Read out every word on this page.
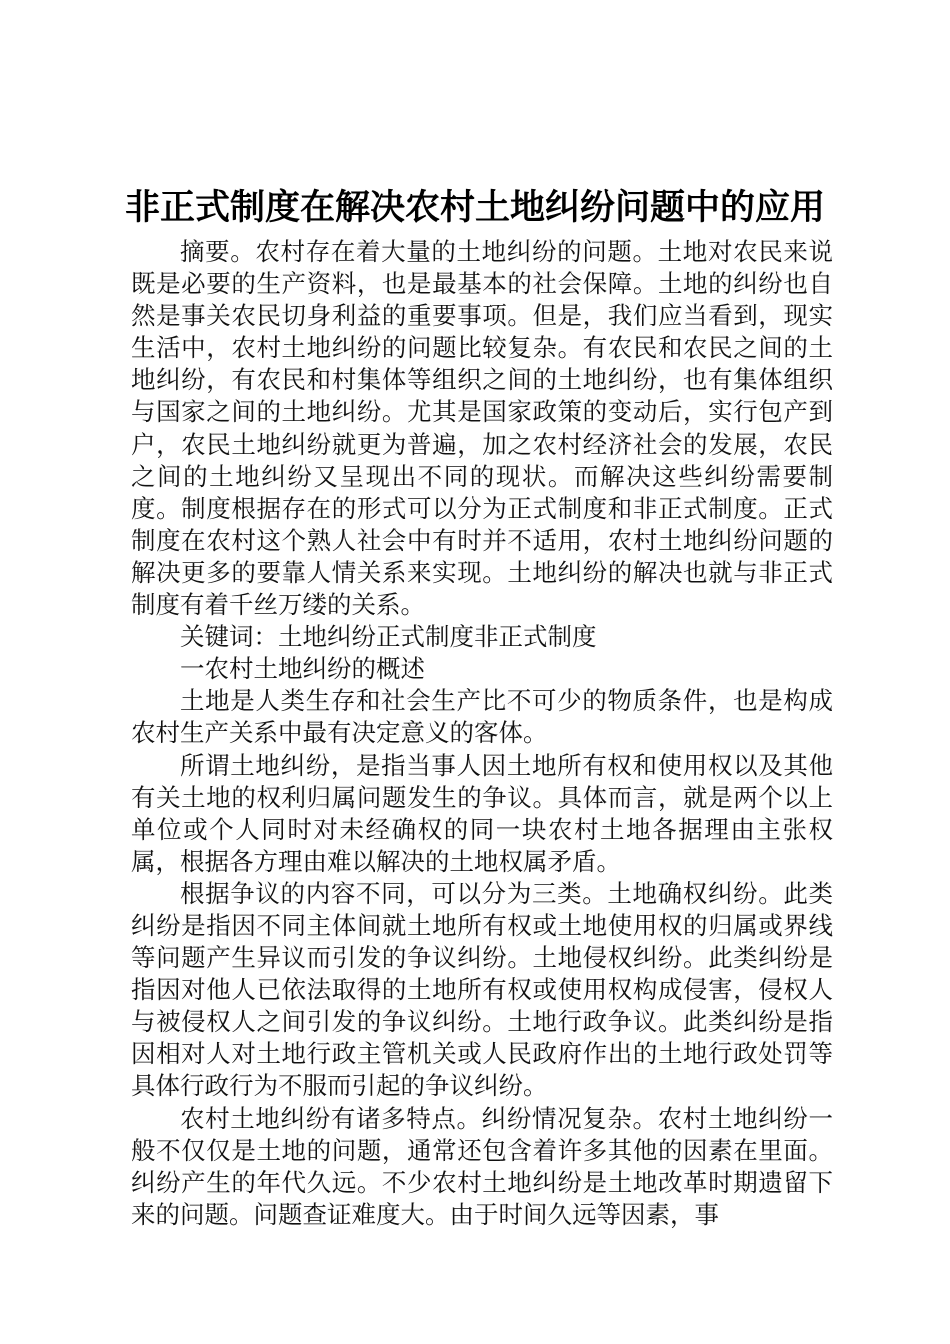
非正式制度在解决农村土地纠纷问题中的应用

摘要。农村存在着大量的土地纠纷的问题。土地对农民来说既是必要的生产资料，也是最基本的社会保障。土地的纠纷也自然是事关农民切身利益的重要事项。但是，我们应当看到，现实生活中，农村土地纠纷的问题比较复杂。有农民和农民之间的土地纠纷，有农民和村集体等组织之间的土地纠纷，也有集体组织与国家之间的土地纠纷。尤其是国家政策的变动后，实行包产到户，农民土地纠纷就更为普遍，加之农村经济社会的发展，农民之间的土地纠纷又呈现出不同的现状。而解决这些纠纷需要制度。制度根据存在的形式可以分为正式制度和非正式制度。正式制度在农村这个熟人社会中有时并不适用，农村土地纠纷问题的解决更多的要靠人情关系来实现。土地纠纷的解决也就与非正式制度有着千丝万缕的关系。

关键词：土地纠纷正式制度非正式制度

一农村土地纠纷的概述

土地是人类生存和社会生产比不可少的物质条件，也是构成农村生产关系中最有决定意义的客体。

所谓土地纠纷，是指当事人因土地所有权和使用权以及其他有关土地的权利归属问题发生的争议。具体而言，就是两个以上单位或个人同时对未经确权的同一块农村土地各据理由主张权属，根据各方理由难以解决的土地权属矛盾。

根据争议的内容不同，可以分为三类。土地确权纠纷。此类纠纷是指因不同主体间就土地所有权或土地使用权的归属或界线等问题产生异议而引发的争议纠纷。土地侵权纠纷。此类纠纷是指因对他人已依法取得的土地所有权或使用权构成侵害，侵权人与被侵权人之间引发的争议纠纷。土地行政争议。此类纠纷是指因相对人对土地行政主管机关或人民政府作出的土地行政处罚等具体行政行为不服而引起的争议纠纷。

农村土地纠纷有诸多特点。纠纷情况复杂。农村土地纠纷一般不仅仅是土地的问题，通常还包含着许多其他的因素在里面。纠纷产生的年代久远。不少农村土地纠纷是土地改革时期遗留下来的问题。问题查证难度大。由于时间久远等因素，事
